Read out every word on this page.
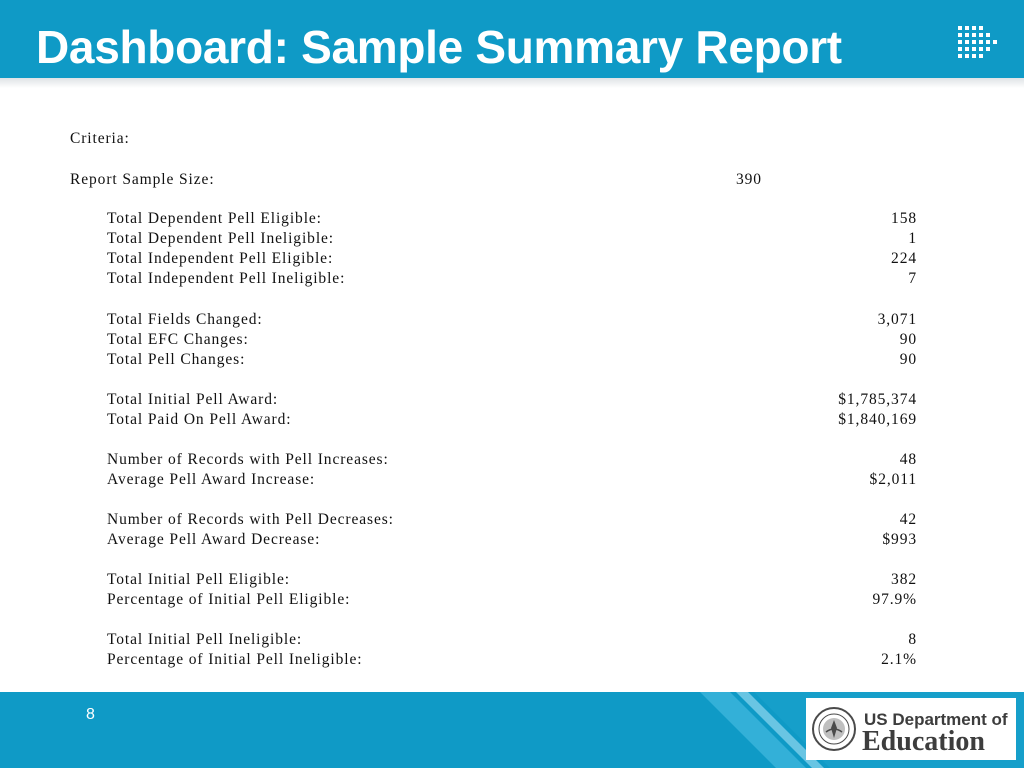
Dashboard: Sample Summary Report
Criteria:
Report Sample Size:	390
Total Dependent Pell Eligible:	158
Total Dependent Pell Ineligible:	1
Total Independent Pell Eligible:	224
Total Independent Pell Ineligible:	7
Total Fields Changed:	3,071
Total EFC Changes:	90
Total Pell Changes:	90
Total Initial Pell Award:	$1,785,374
Total Paid On Pell Award:	$1,840,169
Number of Records with Pell Increases:	48
Average Pell Award Increase:	$2,011
Number of Records with Pell Decreases:	42
Average Pell Award Decrease:	$993
Total Initial Pell Eligible:	382
Percentage of Initial Pell Eligible:	97.9%
Total Initial Pell Ineligible:	8
Percentage of Initial Pell Ineligible:	2.1%
8	US Department of
Education
